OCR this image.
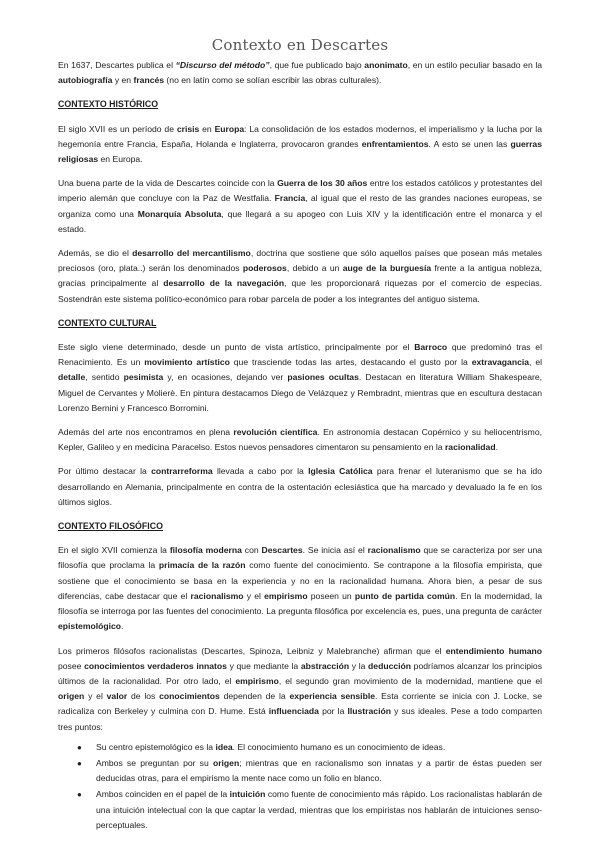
Contexto en Descartes

En 1637, Descartes publica el “Discurso del método”, que fue publicado bajo anonimato, en un estilo peculiar basado en la autobiografía y en francés (no en latín como se solían escribir las obras culturales).

CONTEXTO HISTÓRICO

El siglo XVII es un período de crisis en Europa: La consolidación de los estados modernos, el imperialismo y la lucha por la hegemonía entre Francia, España, Holanda e Inglaterra, provocaron grandes enfrentamientos. A esto se unen las guerras religiosas en Europa.

Una buena parte de la vida de Descartes coincide con la Guerra de los 30 años entre los estados católicos y protestantes del imperio alemán que concluye con la Paz de Westfalia. Francia, al igual que el resto de las grandes naciones europeas, se organiza como una Monarquía Absoluta, que llegará a su apogeo con Luis XIV y la identificación entre el monarca y el estado.

Además, se dio el desarrollo del mercantilismo, doctrina que sostiene que sólo aquellos países que posean más metales preciosos (oro, plata..) serán los denominados poderosos, debido a un auge de la burguesía frente a la antigua nobleza, gracias principalmente al desarrollo de la navegación, que les proporcionará riquezas por el comercio de especias. Sostendrán este sistema político-económico para robar parcela de poder a los integrantes del antiguo sistema.

CONTEXTO CULTURAL

Este siglo viene determinado, desde un punto de vista artístico, principalmente por el Barroco que predominó tras el Renacimiento. Es un movimiento artístico que trasciende todas las artes, destacando el gusto por la extravagancia, el detalle, sentido pesimista y, en ocasiones, dejando ver pasiones ocultas. Destacan en literatura William Shakespeare, Miguel de Cervantes y Molierè. En pintura destacamos Diego de Velázquez y Rembradnt, mientras que en escultura destacan Lorenzo Bernini y Francesco Borromini.

Además del arte nos encontramos en plena revolución científica. En astronomía destacan Copérnico y su heliocentrismo, Kepler, Galileo y en medicina Paracelso. Estos nuevos pensadores cimentaron su pensamiento en la racionalidad.

Por último destacar la contrarreforma llevada a cabo por la Iglesia Católica para frenar el luteranismo que se ha ido desarrollando en Alemania, principalmente en contra de la ostentación eclesiástica que ha marcado y devaluado la fe en los últimos siglos.

CONTEXTO FILOSÓFICO

En el siglo XVII comienza la filosofía moderna con Descartes. Se inicia así el racionalismo que se caracteriza por ser una filosofía que proclama la primacía de la razón como fuente del conocimiento. Se contrapone a la filosofía empirista, que sostiene que el conocimiento se basa en la experiencia y no en la racionalidad humana. Ahora bien, a pesar de sus diferencias, cabe destacar que el racionalismo y el empirismo poseen un punto de partida común. En la modernidad, la filosofía se interroga por las fuentes del conocimiento. La pregunta filosófica por excelencia es, pues, una pregunta de carácter epistemológico.

Los primeros filósofos racionalistas (Descartes, Spinoza, Leibniz y Malebranche) afirman que el entendimiento humano posee conocimientos verdaderos innatos y que mediante la abstracción y la deducción podríamos alcanzar los principios últimos de la racionalidad. Por otro lado, el empirismo, el segundo gran movimiento de la modernidad, mantiene que el origen y el valor de los conocimientos dependen de la experiencia sensible. Esta corriente se inicia con J. Locke, se radicaliza con Berkeley y culmina con D. Hume. Está influenciada por la Ilustración y sus ideales. Pese a todo comparten tres puntos:

● Su centro epistemológico es la idea. El conocimiento humano es un conocimiento de ideas.
● Ambos se preguntan por su origen; mientras que en racionalismo son innatas y a partir de éstas pueden ser deducidas otras, para el empirismo la mente nace como un folio en blanco.
● Ambos coinciden en el papel de la intuición como fuente de conocimiento más rápido. Los racionalistas hablarán de una intuición intelectual con la que captar la verdad, mientras que los empiristas nos hablarán de intuiciones senso-perceptuales.
